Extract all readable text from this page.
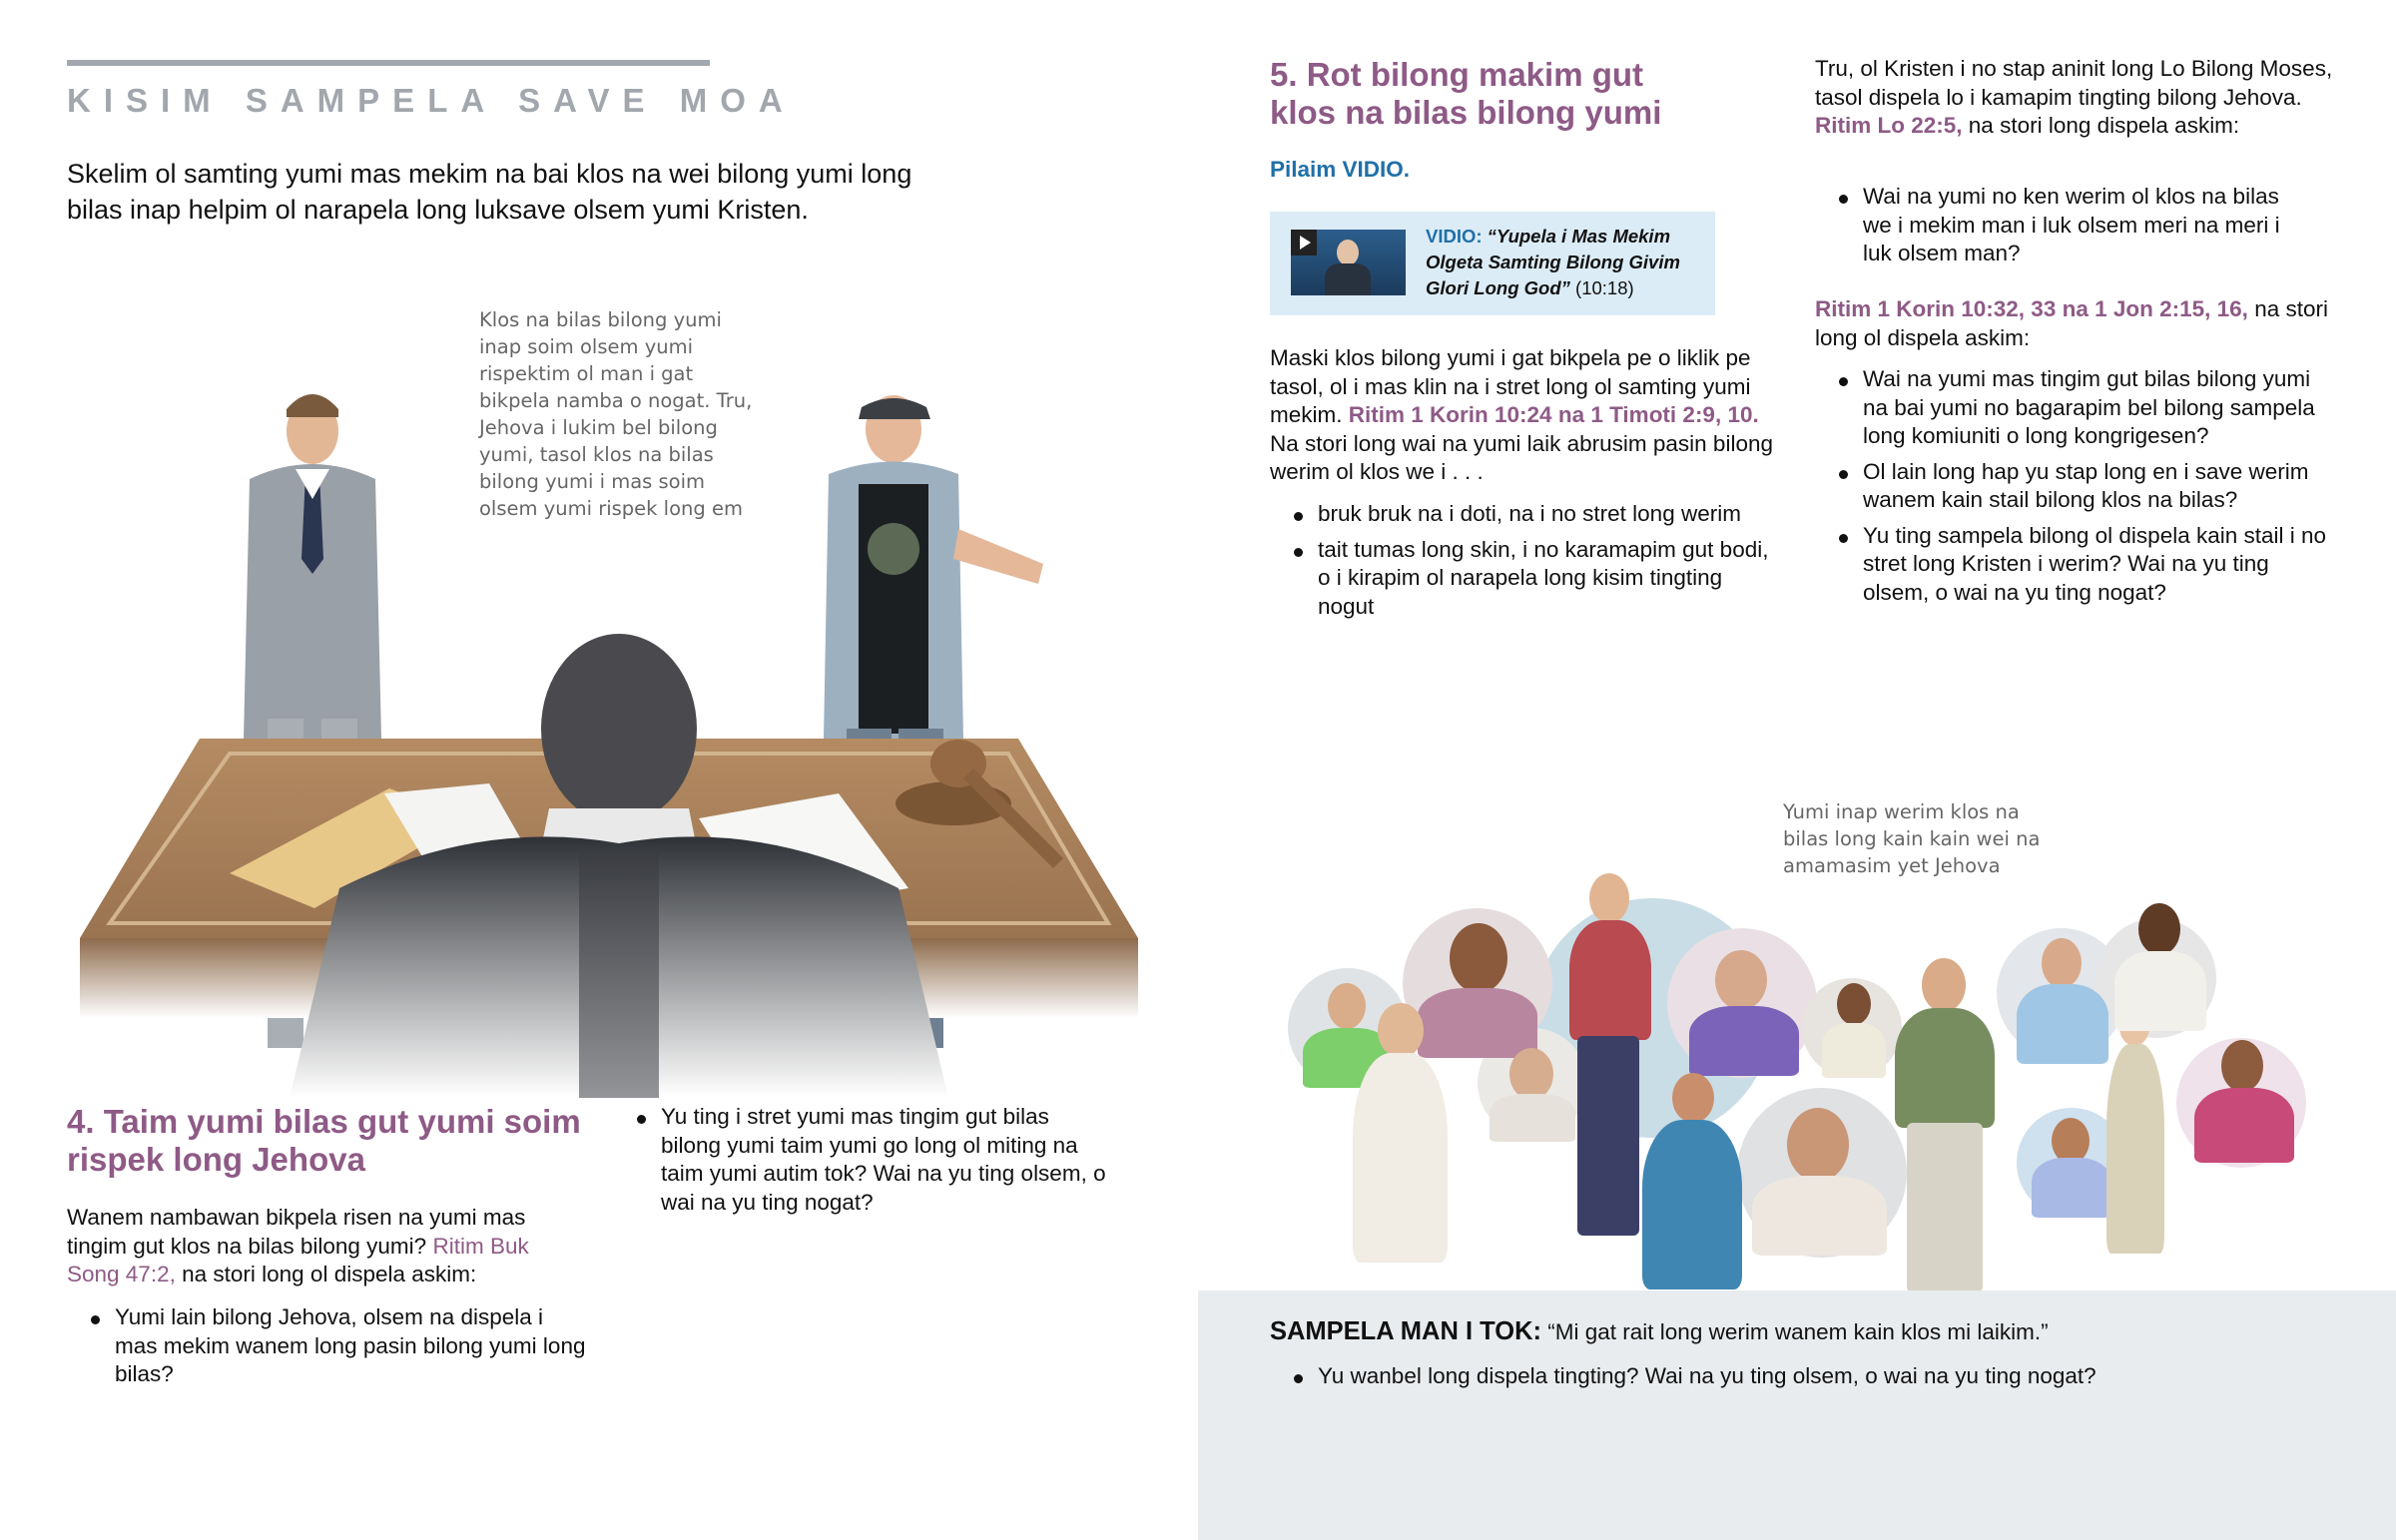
KISIM SAMPELA SAVE MOA
Skelim ol samting yumi mas mekim na bai klos na wei bilong yumi long bilas inap helpim ol narapela long luksave olsem yumi Kristen.
Klos na bilas bilong yumi inap soim olsem yumi rispektim ol man i gat bikpela namba o nogat. Tru, Jehova i lukim bel bilong yumi, tasol klos na bilas bilong yumi i mas soim olsem yumi rispek long em
4. Taim yumi bilas gut yumi soim rispek long Jehova
Wanem nambawan bikpela risen na yumi mas tingim gut klos na bilas bilong yumi? Ritim Buk Song 47:2, na stori long ol dispela askim:
Yumi lain bilong Jehova, olsem na dispela i mas mekim wanem long pasin bilong yumi long bilas?
Yu ting i stret yumi mas tingim gut bilas bilong yumi taim yumi go long ol miting na taim yumi autim tok? Wai na yu ting olsem, o wai na yu ting nogat?
5. Rot bilong makim gut klos na bilas bilong yumi
Pilaim VIDIO.
VIDIO: “Yupela i Mas Mekim Olgeta Samting Bilong Givim Glori Long God” (10:18)
Maski klos bilong yumi i gat bikpela pe o liklik pe tasol, ol i mas klin na i stret long ol samting yumi mekim. Ritim 1 Korin 10:24 na 1 Timoti 2:9, 10. Na stori long wai na yumi laik abrusim pasin bilong werim ol klos we i . . .
bruk bruk na i doti, na i no stret long werim
tait tumas long skin, i no karamapim gut bodi, o i kirapim ol narapela long kisim tingting nogut
Tru, ol Kristen i no stap aninit long Lo Bilong Moses, tasol dispela lo i kamapim tingting bilong Jehova. Ritim Lo 22:5, na stori long dispela askim:
Wai na yumi no ken werim ol klos na bilas we i mekim man i luk olsem meri na meri i luk olsem man?
Ritim 1 Korin 10:32, 33 na 1 Jon 2:15, 16, na stori long ol dispela askim:
Wai na yumi mas tingim gut bilas bilong yumi na bai yumi no bagarapim bel bilong sampela long komiuniti o long kongrigesen?
Ol lain long hap yu stap long en i save werim wanem kain stail bilong klos na bilas?
Yu ting sampela bilong ol dispela kain stail i no stret long Kristen i werim? Wai na yu ting olsem, o wai na yu ting nogat?
Yumi inap werim klos na bilas long kain kain wei na amamasim yet Jehova
SAMPELA MAN I TOK: “Mi gat rait long werim wanem kain klos mi laikim.”
Yu wanbel long dispela tingting? Wai na yu ting olsem, o wai na yu ting nogat?
